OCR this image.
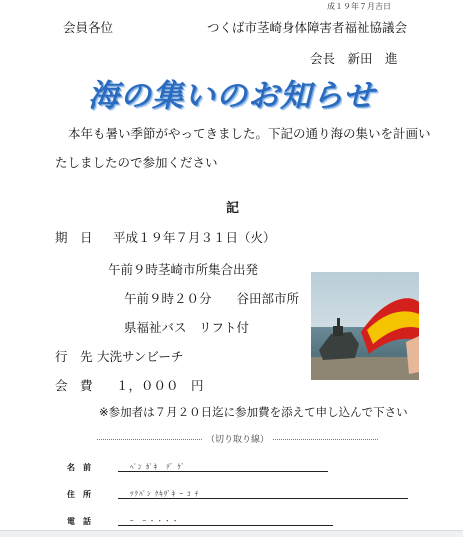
成１９年７月吉日
会員各位	つくば市茎崎身体障害者福祉協議会
会長　新田　進
海の集いのお知らせ
本年も暑い季節がやってきました。下記の通り海の集いを計画い
たしましたので参加ください
記
期　日 平成１９年７月３１日（火）
午前９時茎崎市所集合出発
午前９時２０分　　谷田部市所
県福祉バス　リフト付
行　先 大洗サンビーチ
会　費 １，０００　円
※参加者は７月２０日迄に参加費を添えて申し込んで下さい
（切り取り線）
名　前	ﾍﾟﾝ ｶﾞｷ　ﾃﾞ ｹﾞ
住　所	ﾂｸﾊﾞｼ ｸｷｻﾞｷ ｰ ｺ ﾁ
電　話	ｰ　ｰ ･ ･ ･ ･
